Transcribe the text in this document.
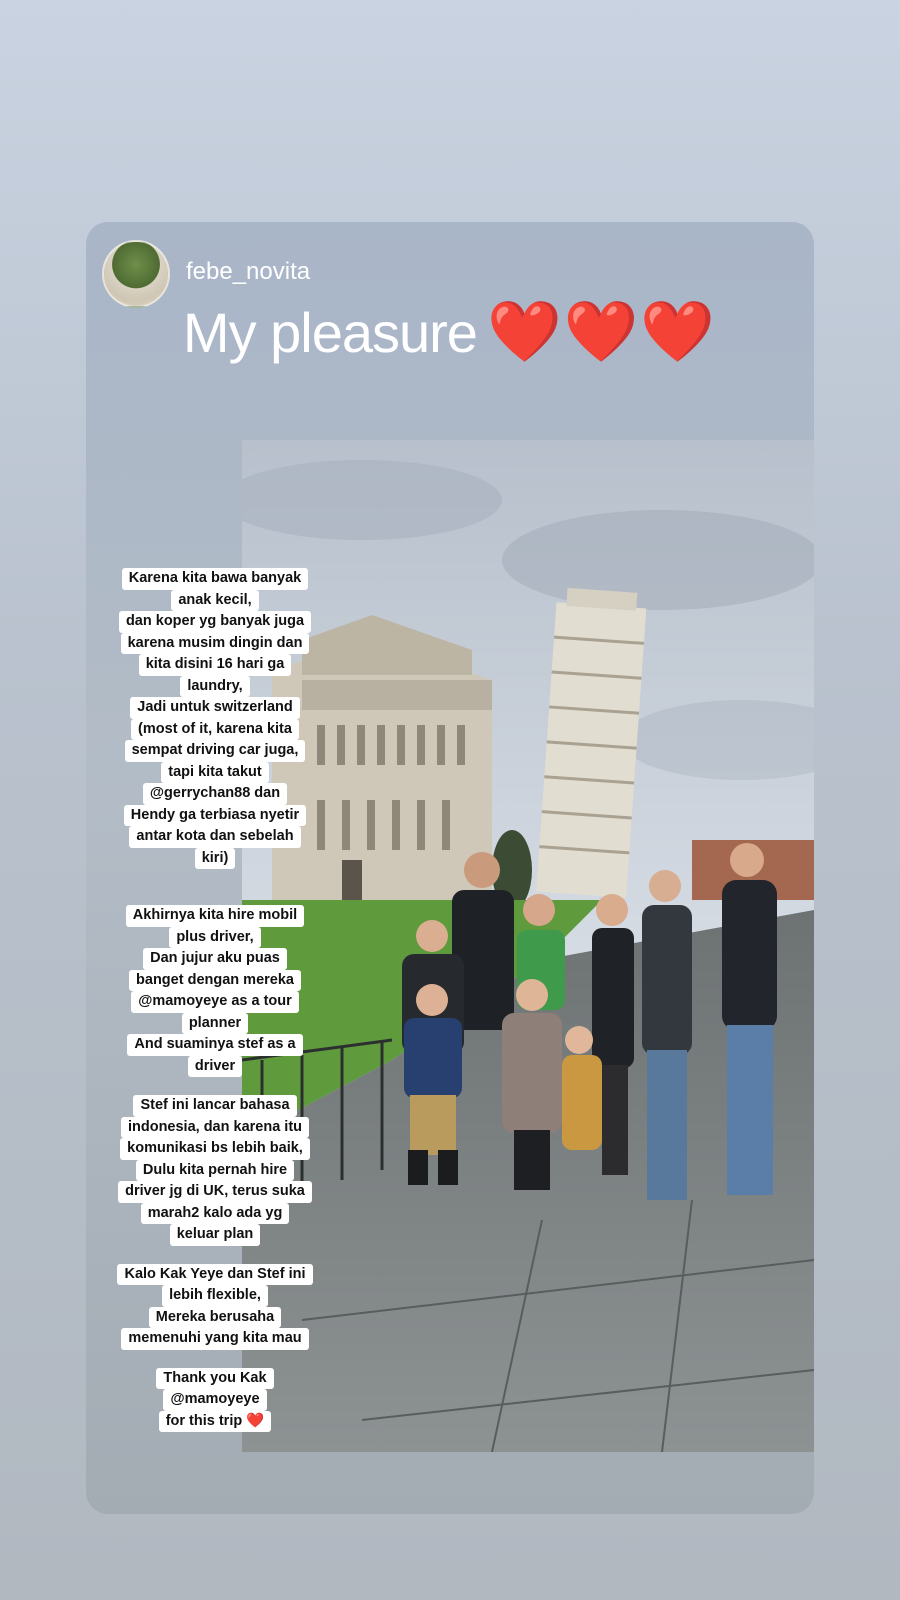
febe_novita
My pleasure ❤️❤️❤️
Karena kita bawa banyak
anak kecil,
dan koper yg banyak juga
karena musim dingin dan
kita disini 16 hari ga
laundry,
Jadi untuk switzerland
(most of it, karena kita
sempat driving car juga,
tapi kita takut
@gerrychan88 dan
Hendy ga terbiasa nyetir
antar kota dan sebelah
kiri)
Akhirnya kita hire mobil
plus driver,
Dan jujur aku puas
banget dengan mereka
@mamoyeye as a tour
planner
And suaminya stef as a
driver
Stef ini lancar bahasa
indonesia, dan karena itu
komunikasi bs lebih baik,
Dulu kita pernah hire
driver jg di UK, terus suka
marah2 kalo ada yg
keluar plan
Kalo Kak Yeye dan Stef ini
lebih flexible,
Mereka berusaha
memenuhi yang kita mau
Thank you Kak
@mamoyeye
for this trip ❤️
